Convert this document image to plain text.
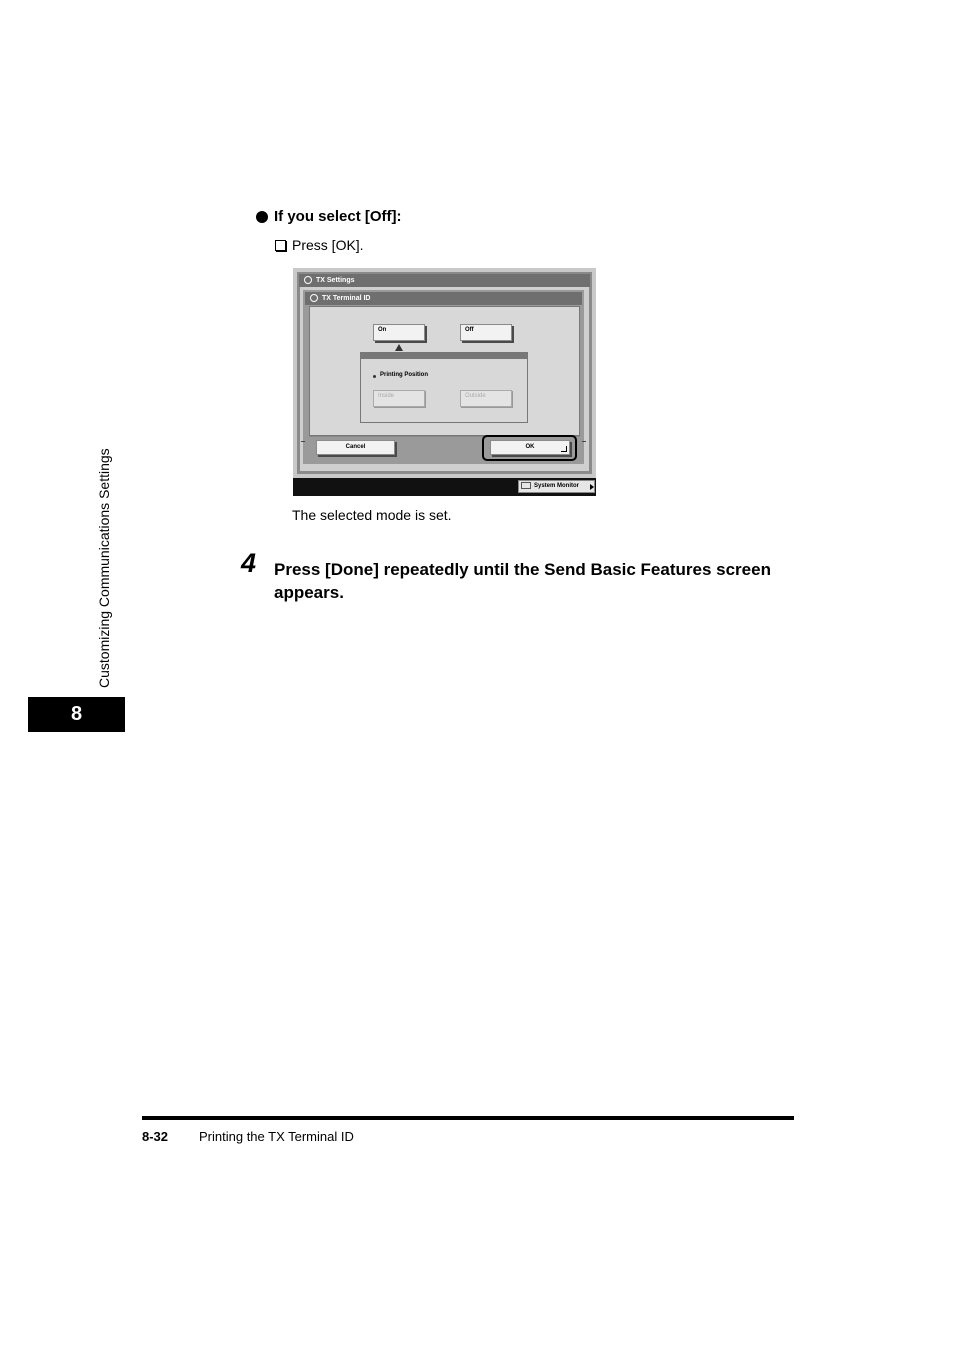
If you select [Off]:
Press [OK].
TX Settings
TX Terminal ID
On	Off
Printing Position
Inside	Outside
Cancel	OK
System Monitor
The selected mode is set.
4 Press [Done] repeatedly until the Send Basic Features screen appears.
Customizing Communications Settings
8
8-32 Printing the TX Terminal ID
